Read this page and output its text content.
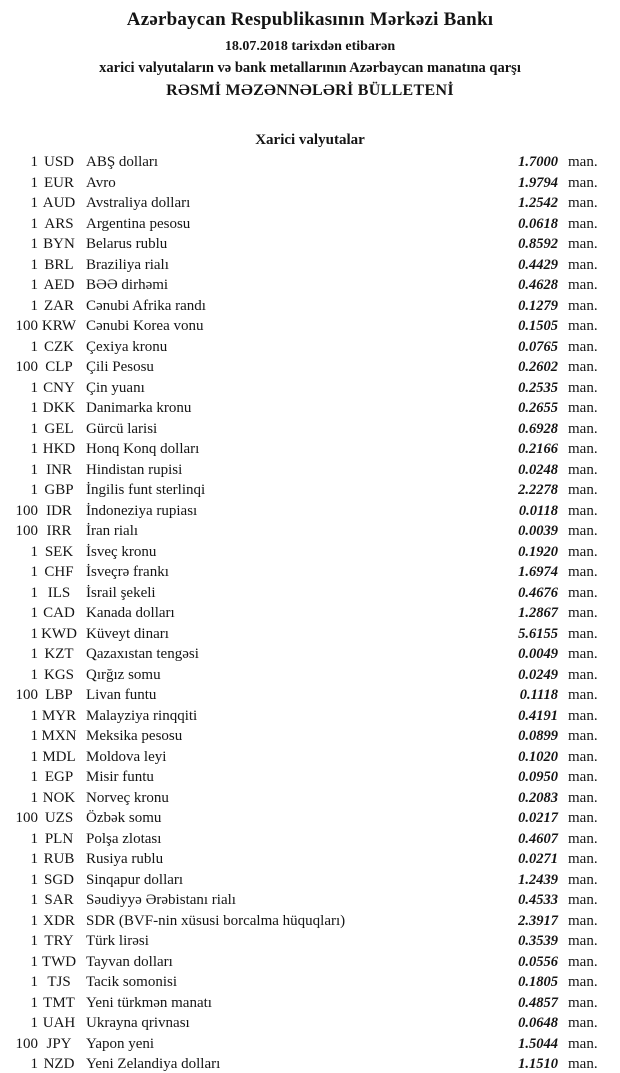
Azərbaycan Respublikasının Mərkəzi Bankı

18.07.2018 tarixdən etibarən

xarici valyutaların və bank metallarının Azərbaycan manatına qarşı

RƏSMİ MƏZƏNNƏLƏRİ BÜLLETENİ

Xarici valyutalar
1 USD ABŞ dolları	1.7000 man.
1 EUR Avro	1.9794 man.
1 AUD Avstraliya dolları	1.2542 man.
1 ARS Argentina pesosu	0.0618 man.
1 BYN Belarus rublu	0.8592 man.
1 BRL Braziliya rialı	0.4429 man.
1 AED BƏƏ dirhəmi	0.4628 man.
1 ZAR Cənubi Afrika randı	0.1279 man.
100 KRW Cənubi Korea vonu	0.1505 man.
1 CZK Çexiya kronu	0.0765 man.
100 CLP Çili Pesosu	0.2602 man.
1 CNY Çin yuanı	0.2535 man.
1 DKK Danimarka kronu	0.2655 man.
1 GEL Gürcü larisi	0.6928 man.
1 HKD Honq Konq dolları	0.2166 man.
1 INR Hindistan rupisi	0.0248 man.
1 GBP İngilis funt sterlinqi	2.2278 man.
100 IDR İndoneziya rupiası	0.0118 man.
100 IRR İran rialı	0.0039 man.
1 SEK İsveç kronu	0.1920 man.
1 CHF İsveçrə frankı	1.6974 man.
1 ILS	İsrail şekeli	0.4676 man.
1 CAD Kanada dolları	1.2867 man.
1 KWD Küveyt dinarı	5.6155 man.
1 KZT Qazaxıstan tengəsi	0.0049 man.
1 KGS Qırğız somu	0.0249 man.
100 LBP Livan funtu	0.1118 man.
1 MYR Malayziya rinqqiti	0.4191 man.
1 MXN Meksika pesosu	0.0899 man.
1 MDL Moldova leyi	0.1020 man.
1 EGP Misir funtu	0.0950 man.
1 NOK Norveç kronu	0.2083 man.
100 UZS Özbək somu	0.0217 man.
1 PLN Polşa zlotası	0.4607 man.
1 RUB Rusiya rublu	0.0271 man.
1 SGD Sinqapur dolları	1.2439 man.
1 SAR Səudiyyə Ərəbistanı rialı	0.4533 man.
1 XDR SDR (BVF-nin xüsusi borcalma hüquqları)	2.3917 man.
1 TRY Türk lirəsi	0.3539 man.
1 TWD Tayvan dolları	0.0556 man.
1 TJS	Tacik somonisi	0.1805 man.
1 TMT Yeni türkmən manatı	0.4857 man.
1 UAH Ukrayna qrivnası	0.0648 man.
100 JPY Yapon yeni	1.5044 man.
1 NZD Yeni Zelandiya dolları	1.1510 man.
